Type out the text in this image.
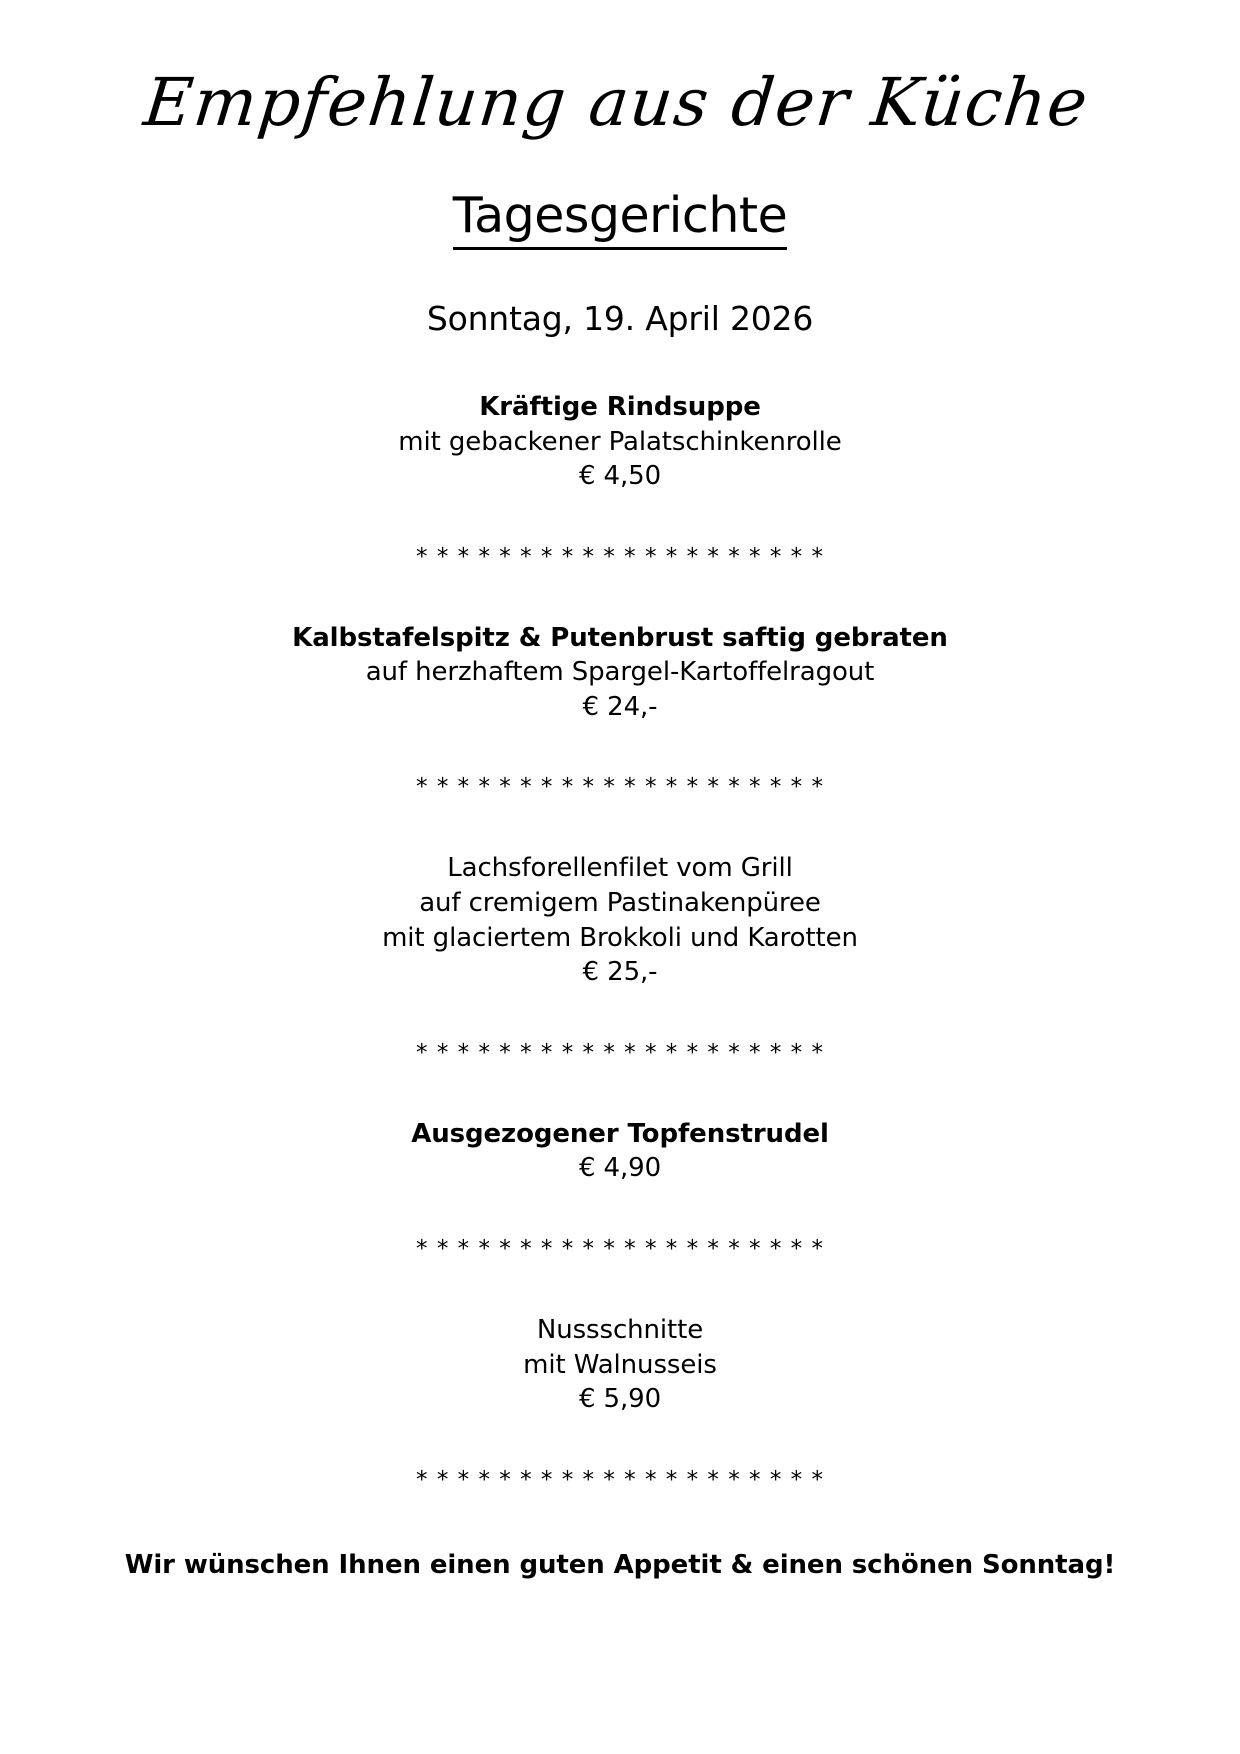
Empfehlung aus der Küche
Tagesgerichte
Sonntag, 19. April 2026
Kräftige Rindsuppe
mit gebackener Palatschinkenrolle
€ 4,50
* * * * * * * * * * * * * * * * * * * *
Kalbstafelspitz & Putenbrust saftig gebraten
auf herzhaftem Spargel-Kartoffelragout
€ 24,-
* * * * * * * * * * * * * * * * * * * *
Lachsforellenfilet vom Grill
auf cremigem Pastinakenpüree
mit glaciertem Brokkoli und Karotten
€ 25,-
* * * * * * * * * * * * * * * * * * * *
Ausgezogener Topfenstrudel
€ 4,90
* * * * * * * * * * * * * * * * * * * *
Nussschnitte
mit Walnusseis
€ 5,90
* * * * * * * * * * * * * * * * * * * *
Wir wünschen Ihnen einen guten Appetit & einen schönen Sonntag!
